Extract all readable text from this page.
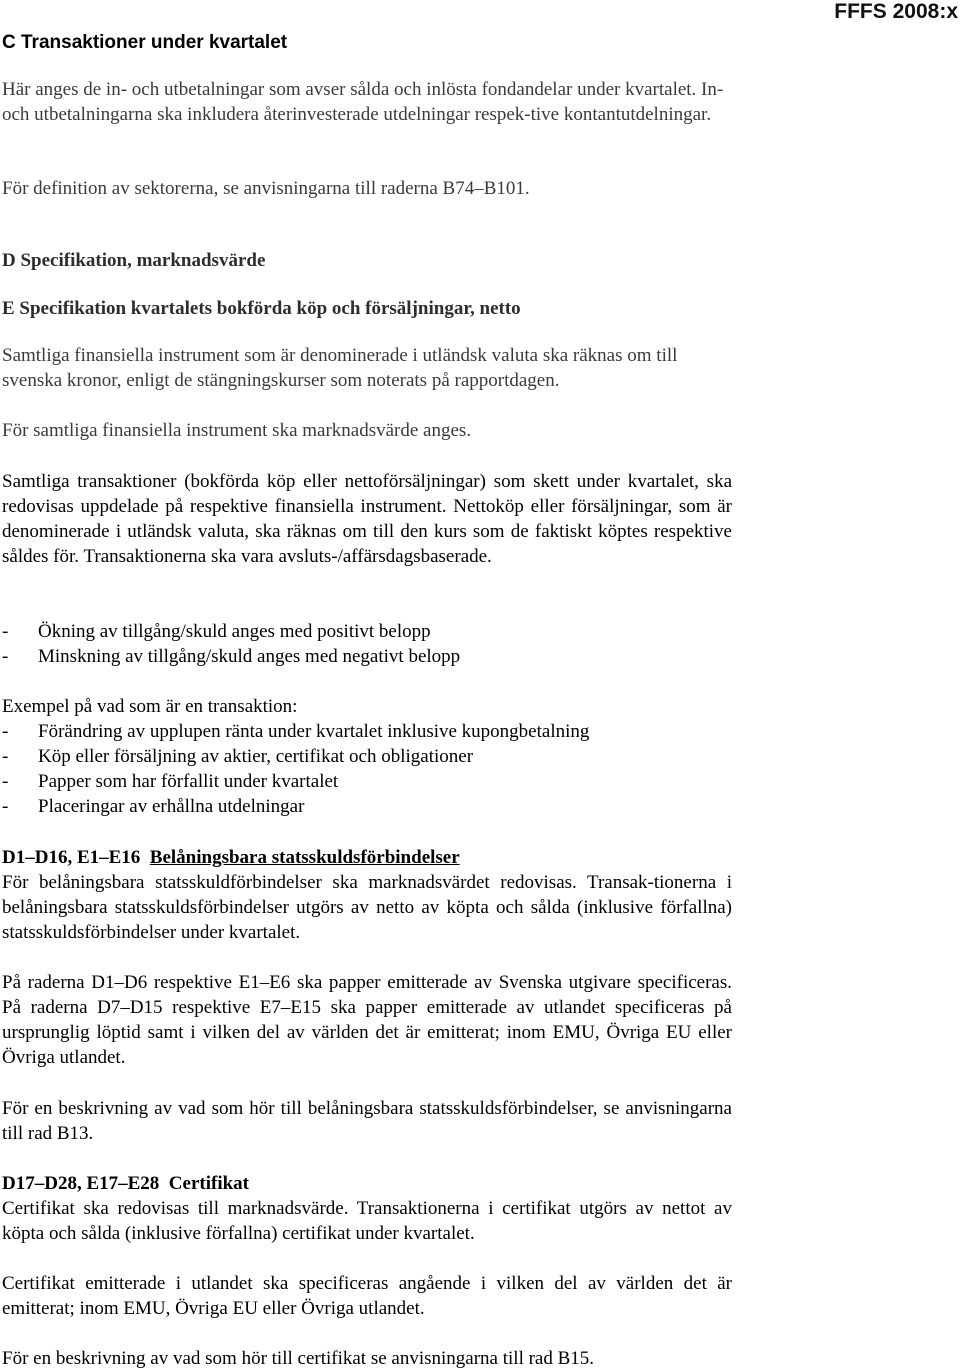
FFFS 2008:x
C Transaktioner under kvartalet

Här anges de in- och utbetalningar som avser sålda och inlösta fondandelar under kvartalet. In- och utbetalningarna ska inkludera återinvesterade utdelningar respek-tive kontantutdelningar.

För definition av sektorerna, se anvisningarna till raderna B74–B101.

D Specifikation, marknadsvärde
E Specifikation kvartalets bokförda köp och försäljningar, netto

Samtliga finansiella instrument som är denominerade i utländsk valuta ska räknas om till svenska kronor, enligt de stängningskurser som noterats på rapportdagen.

För samtliga finansiella instrument ska marknadsvärde anges.

Samtliga transaktioner (bokförda köp eller nettoförsäljningar) som skett under kvartalet, ska redovisas uppdelade på respektive finansiella instrument. Nettoköp eller försäljningar, som är denominerade i utländsk valuta, ska räknas om till den kurs som de faktiskt köptes respektive såldes för. Transaktionerna ska vara avsluts-/affärsdagsbaserade.

-	Ökning av tillgång/skuld anges med positivt belopp
-	Minskning av tillgång/skuld anges med negativt belopp
Exempel på vad som är en transaktion:
-	Förändring av upplupen ränta under kvartalet inklusive kupongbetalning
-	Köp eller försäljning av aktier, certifikat och obligationer
-	Papper som har förfallit under kvartalet
-	Placeringar av erhållna utdelningar
D1–D16, E1–E16 Belåningsbara statsskuldsförbindelser

För belåningsbara statsskuldförbindelser ska marknadsvärdet redovisas. Transak-tionerna i belåningsbara statsskuldsförbindelser utgörs av netto av köpta och sålda (inklusive förfallna) statsskuldsförbindelser under kvartalet.

På raderna D1–D6 respektive E1–E6 ska papper emitterade av Svenska utgivare specificeras. På raderna D7–D15 respektive E7–E15 ska papper emitterade av utlandet specificeras på ursprunglig löptid samt i vilken del av världen det är emitterat; inom EMU, Övriga EU eller Övriga utlandet.

För en beskrivning av vad som hör till belåningsbara statsskuldsförbindelser, se anvisningarna till rad B13.

D17–D28, E17–E28 Certifikat

Certifikat ska redovisas till marknadsvärde. Transaktionerna i certifikat utgörs av nettot av köpta och sålda (inklusive förfallna) certifikat under kvartalet.

Certifikat emitterade i utlandet ska specificeras angående i vilken del av världen det är emitterat; inom EMU, Övriga EU eller Övriga utlandet.

För en beskrivning av vad som hör till certifikat se anvisningarna till rad B15.
